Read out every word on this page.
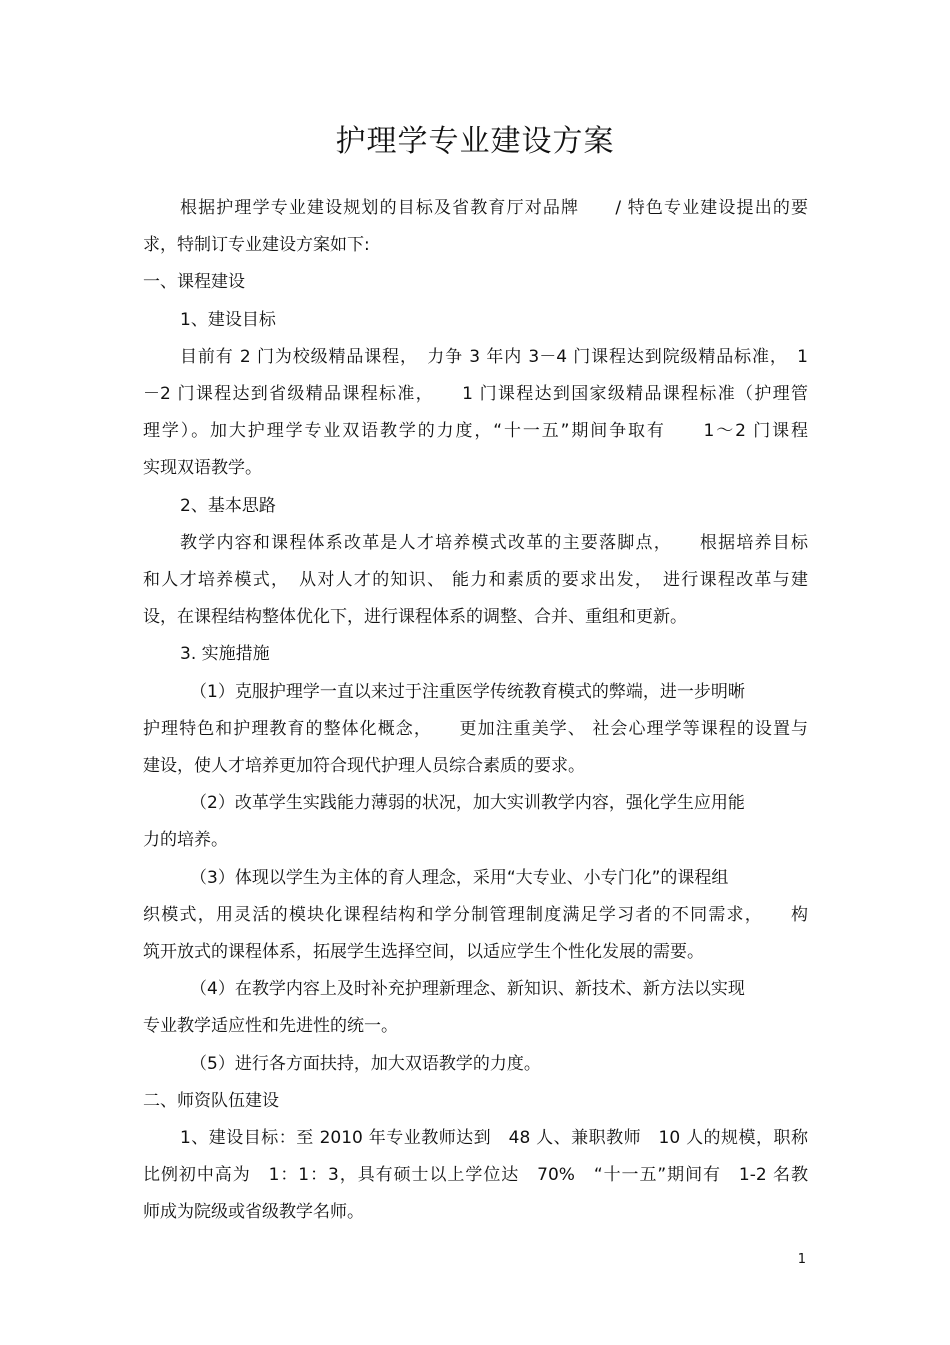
护理学专业建设方案
根据护理学专业建设规划的目标及省教育厅对品牌　　/ 特色专业建设提出的要
求，特制订专业建设方案如下:
一、课程建设
1、建设目标
目前有 2 门为校级精品课程，　力争 3 年内 3－4 门课程达到院级精品标准，　1
－2 门课程达到省级精品课程标准，　　1 门课程达到国家级精品课程标准（护理管
理学）。加大护理学专业双语教学的力度，“十一五”期间争取有　　1～2 门课程
实现双语教学。
2、基本思路
教学内容和课程体系改革是人才培养模式改革的主要落脚点，　　根据培养目标
和人才培养模式，　从对人才的知识、 能力和素质的要求出发，　进行课程改革与建
设，在课程结构整体优化下，进行课程体系的调整、合并、重组和更新。
3. 实施措施
（1）克服护理学一直以来过于注重医学传统教育模式的弊端，进一步明晰
护理特色和护理教育的整体化概念，　　更加注重美学、 社会心理学等课程的设置与
建设，使人才培养更加符合现代护理人员综合素质的要求。
（2）改革学生实践能力薄弱的状况，加大实训教学内容，强化学生应用能
力的培养。
（3）体现以学生为主体的育人理念，采用“大专业、小专门化”的课程组
织模式，用灵活的模块化课程结构和学分制管理制度满足学习者的不同需求，　　构
筑开放式的课程体系，拓展学生选择空间，以适应学生个性化发展的需要。
（4）在教学内容上及时补充护理新理念、新知识、新技术、新方法以实现
专业教学适应性和先进性的统一。
（5）进行各方面扶持，加大双语教学的力度。
二、师资队伍建设
1、建设目标：至 2010 年专业教师达到　48 人、兼职教师　10 人的规模，职称
比例初中高为　1：1：3，具有硕士以上学位达　70%　“十一五”期间有　1-2 名教
师成为院级或省级教学名师。
1
